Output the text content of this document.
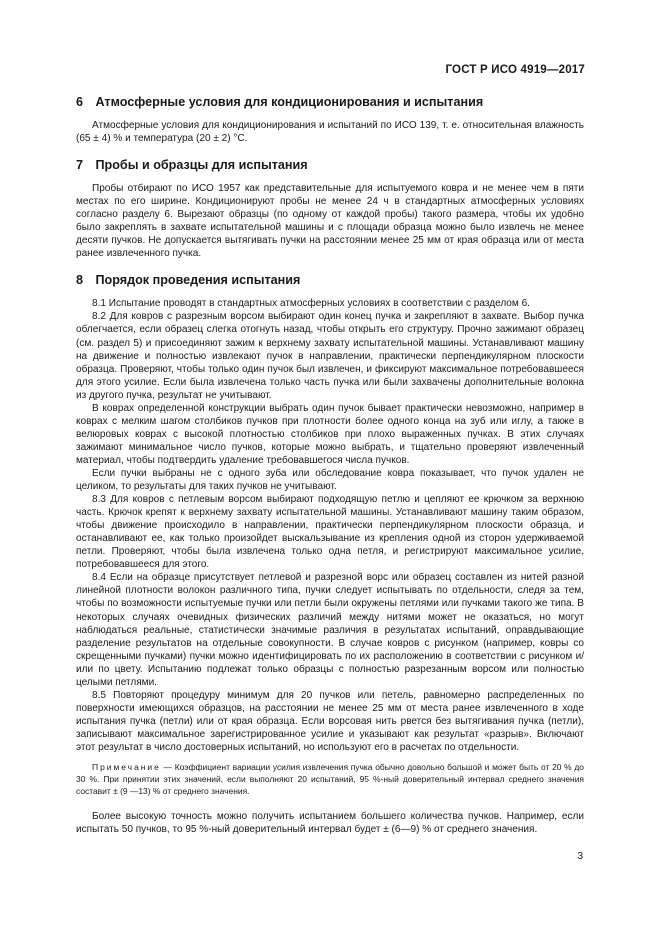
ГОСТ Р ИСО 4919—2017
6 Атмосферные условия для кондиционирования и испытания

Атмосферные условия для кондиционирования и испытаний по ИСО 139, т. е. относительная влажность (65 ± 4) % и температура (20 ± 2) °С.

7 Пробы и образцы для испытания

Пробы отбирают по ИСО 1957 как представительные для испытуемого ковра и не менее чем в пяти местах по его ширине. Кондиционируют пробы не менее 24 ч в стандартных атмосферных условиях согласно разделу 6. Вырезают образцы (по одному от каждой пробы) такого размера, чтобы их удобно было закреплять в захвате испытательной машины и с площади образца можно было извлечь не менее десяти пучков. Не допускается вытягивать пучки на расстоянии менее 25 мм от края образца или от места ранее извлеченного пучка.

8 Порядок проведения испытания

8.1 Испытание проводят в стандартных атмосферных условиях в соответствии с разделом 6.

8.2 Для ковров с разрезным ворсом выбирают один конец пучка и закрепляют в захвате. Выбор пучка облегчается, если образец слегка отогнуть назад, чтобы открыть его структуру. Прочно зажимают образец (см. раздел 5) и присоединяют зажим к верхнему захвату испытательной машины. Устанавливают машину на движение и полностью извлекают пучок в направлении, практически перпендикулярном плоскости образца. Проверяют, чтобы только один пучок был извлечен, и фиксируют максимальное потребовавшееся для этого усилие. Если была извлечена только часть пучка или были захвачены дополнительные волокна из другого пучка, результат не учитывают.

В коврах определенной конструкции выбрать один пучок бывает практически невозможно, например в коврах с мелким шагом столбиков пучков при плотности более одного конца на зуб или иглу, а также в велюровых коврах с высокой плотностью столбиков при плохо выраженных пучках. В этих случаях зажимают минимальное число пучков, которые можно выбрать, и тщательно проверяют извлеченный материал, чтобы подтвердить удаление требовавшегося числа пучков.

Если пучки выбраны не с одного зуба или обследование ковра показывает, что пучок удален не целиком, то результаты для таких пучков не учитывают.

8.3 Для ковров с петлевым ворсом выбирают подходящую петлю и цепляют ее крючком за верхнюю часть. Крючок крепят к верхнему захвату испытательной машины. Устанавливают машину таким образом, чтобы движение происходило в направлении, практически перпендикулярном плоскости образца, и останавливают ее, как только произойдет выскальзывание из крепления одной из сторон удерживаемой петли. Проверяют, чтобы была извлечена только одна петля, и регистрируют максимальное усилие, потребовавшееся для этого.

8.4 Если на образце присутствует петлевой и разрезной ворс или образец составлен из нитей разной линейной плотности волокон различного типа, пучки следует испытывать по отдельности, следя за тем, чтобы по возможности испытуемые пучки или петли были окружены петлями или пучками такого же типа. В некоторых случаях очевидных физических различий между нитями может не оказаться, но могут наблюдаться реальные, статистически значимые различия в результатах испытаний, оправдывающие разделение результатов на отдельные совокупности. В случае ковров с рисунком (например, ковры со скрещенными пучками) пучки можно идентифицировать по их расположению в соответствии с рисунком и/или по цвету. Испытанию подлежат только образцы с полностью разрезанным ворсом или полностью целыми петлями.

8.5 Повторяют процедуру минимум для 20 пучков или петель, равномерно распределенных по поверхности имеющихся образцов, на расстоянии не менее 25 мм от места ранее извлеченного в ходе испытания пучка (петли) или от края образца. Если ворсовая нить рвется без вытягивания пучка (петли), записывают максимальное зарегистрированное усилие и указывают как результат «разрыв». Включают этот результат в число достоверных испытаний, но используют его в расчетах по отдельности.

Примечание — Коэффициент вариации усилия извлечения пучка обычно довольно большой и может быть от 20 % до 30 %. При принятии этих значений, если выполняют 20 испытаний, 95 %-ный доверительный интервал среднего значения составит ± (9 —13) % от среднего значения.

Более высокую точность можно получить испытанием большего количества пучков. Например, если испытать 50 пучков, то 95 %-ный доверительный интервал будет ± (6—9) % от среднего значения.

3
